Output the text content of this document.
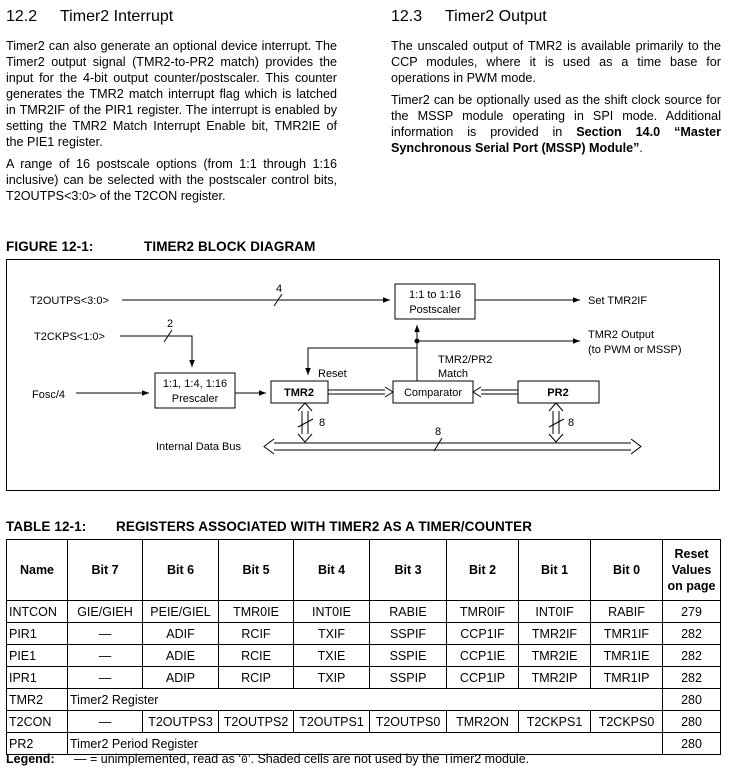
12.2 Timer2 Interrupt

Timer2 can also generate an optional device interrupt. The Timer2 output signal (TMR2-to-PR2 match) provides the input for the 4-bit output counter/postscaler. This counter generates the TMR2 match interrupt flag which is latched in TMR2IF of the PIR1 register. The interrupt is enabled by setting the TMR2 Match Interrupt Enable bit, TMR2IE of the PIE1 register.

A range of 16 postscale options (from 1:1 through 1:16 inclusive) can be selected with the postscaler control bits, T2OUTPS<3:0> of the T2CON register.

12.3 Timer2 Output

The unscaled output of TMR2 is available primarily to the CCP modules, where it is used as a time base for operations in PWM mode.

Timer2 can be optionally used as the shift clock source for the MSSP module operating in SPI mode. Additional information is provided in Section 14.0 “Master Synchronous Serial Port (MSSP) Module”.

FIGURE 12-1:	TIMER2 BLOCK DIAGRAM
T2OUTPS<3:0>
4	1:1 to 1:16
Postscaler
Set TMR2IF
T2CKPS<1:0>
2
1:1, 1:4, 1:16
Prescaler
Fosc/4	TMR2	Comparator	PR2
TMR2 Output
(to PWM or MSSP)
TMR2/PR2
Match
Reset
8
Internal Data Bus
8	8
TABLE 12-1: REGISTERS ASSOCIATED WITH TIMER2 AS A TIMER/COUNTER
Name	Bit 7	Bit 6	Bit 5	Bit 4	Bit 3	Bit 2	Bit 1	Bit 0	Reset
Values
on page

INTCON	GIE/GIEH	PEIE/GIEL	TMR0IE	INT0IE	RABIE	TMR0IF	INT0IF	RABIF	279
PIR1	—	ADIF	RCIF	TXIF	SSPIF	CCP1IF	TMR2IF	TMR1IF	282
PIE1	—	ADIE	RCIE	TXIE	SSPIE	CCP1IE	TMR2IE	TMR1IE	282
IPR1	—	ADIP	RCIP	TXIP	SSPIP	CCP1IP	TMR2IP	TMR1IP	282
TMR2	Timer2 Register								280
T2CON	—	T2OUTPS3	T2OUTPS2	T2OUTPS1	T2OUTPS0	TMR2ON	T2CKPS1	T2CKPS0	280
PR2	Timer2 Period Register								280
Legend: — = unimplemented, read as ‘0’. Shaded cells are not used by the Timer2 module.
